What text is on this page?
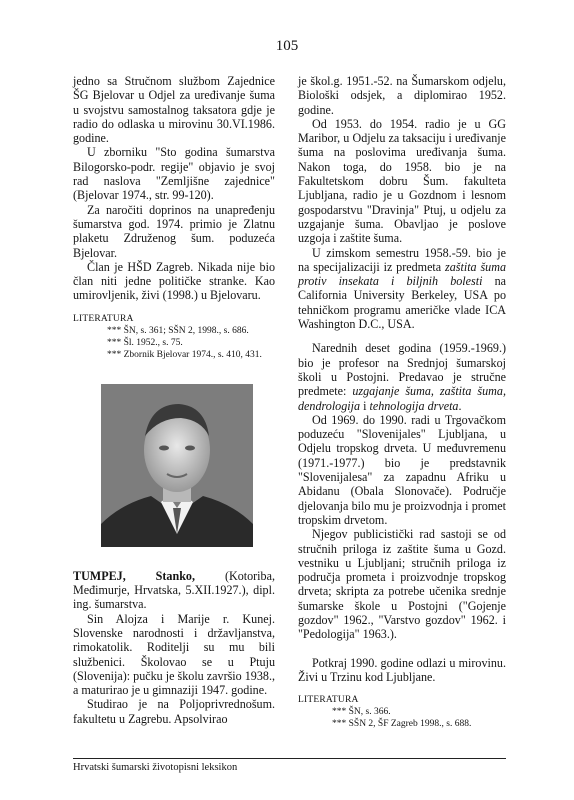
105

jedno sa Stručnom službom Zajednice ŠG Bjelovar u Odjel za uređivanje šuma u svojstvu samostalnog taksatora gdje je radio do odlaska u mirovinu 30.VI.1986. godine.

U zborniku "Sto godina šumarstva Bilogorsko-podr. regije" objavio je svoj rad naslova "Zemljišne zajednice" (Bjelovar 1974., str. 99-120).

Za naročiti doprinos na unapređenju šumarstva god. 1974. primio je Zlatnu plaketu Združenog šum. poduzeća Bjelovar.

Član je HŠD Zagreb. Nikada nije bio član niti jedne političke stranke. Kao umirovljenik, živi (1998.) u Bjelovaru.

LITERATURA

*** ŠN, s. 361; SŠN 2, 1998., s. 686.

*** Šl. 1952., s. 75.

*** Zbornik Bjelovar 1974., s. 410, 431.

TUMPEJ, Stanko, (Kotoriba, Međimurje, Hrvatska, 5.XII.1927.), dipl. ing. šumarstva.

Sin Alojza i Marije r. Kunej. Slovenske narodnosti i državljanstva, rimokatolik. Roditelji su mu bili službenici. Školovao se u Ptuju (Slovenija): pučku je školu završio 1938., a maturirao je u gimnaziji 1947. godine.

Studirao je na Poljoprivrednošum. fakultetu u Zagrebu. Apsolvirao

je škol.g. 1951.-52. na Šumarskom odjelu, Biološki odsjek, a diplomirao 1952. godine.

Od 1953. do 1954. radio je u GG Maribor, u Odjelu za taksaciju i uređivanje šuma na poslovima uređivanja šuma. Nakon toga, do 1958. bio je na Fakultetskom dobru Šum. fakulteta Ljubljana, radio je u Gozdnom i lesnom gospodarstvu "Dravinja" Ptuj, u odjelu za uzgajanje šuma. Obavljao je poslove uzgoja i zaštite šuma.

U zimskom semestru 1958.-59. bio je na specijalizaciji iz predmeta zaštita šuma protiv insekata i biljnih bolesti na California University Berkeley, USA po tehničkom programu američke vlade ICA Washington D.C., USA.

Narednih deset godina (1959.-1969.) bio je profesor na Srednjoj šumarskoj školi u Postojni. Predavao je stručne predmete: uzgajanje šuma, zaštita šuma, dendrologija i tehnologija drveta.

Od 1969. do 1990. radi u Trgovačkom poduzeću "Slovenijales" Ljubljana, u Odjelu tropskog drveta. U međuvremenu (1971.-1977.) bio je predstavnik "Slovenijalesa" za zapadnu Afriku u Abidanu (Obala Slonovače). Područje djelovanja bilo mu je proizvodnja i promet tropskim drvetom.

Njegov publicistički rad sastoji se od stručnih priloga iz zaštite šuma u Gozd. vestniku u Ljubljani; stručnih priloga iz područja prometa i proizvodnje tropskog drveta; skripta za potrebe učenika srednje šumarske škole u Postojni ("Gojenje gozdov" 1962., "Varstvo gozdov" 1962. i "Pedologija" 1963.).

Potkraj 1990. godine odlazi u mirovinu. Živi u Trzinu kod Ljubljane.

LITERATURA

*** ŠN, s. 366.

*** SŠN 2, ŠF Zagreb 1998., s. 688.

Hrvatski šumarski životopisni leksikon
